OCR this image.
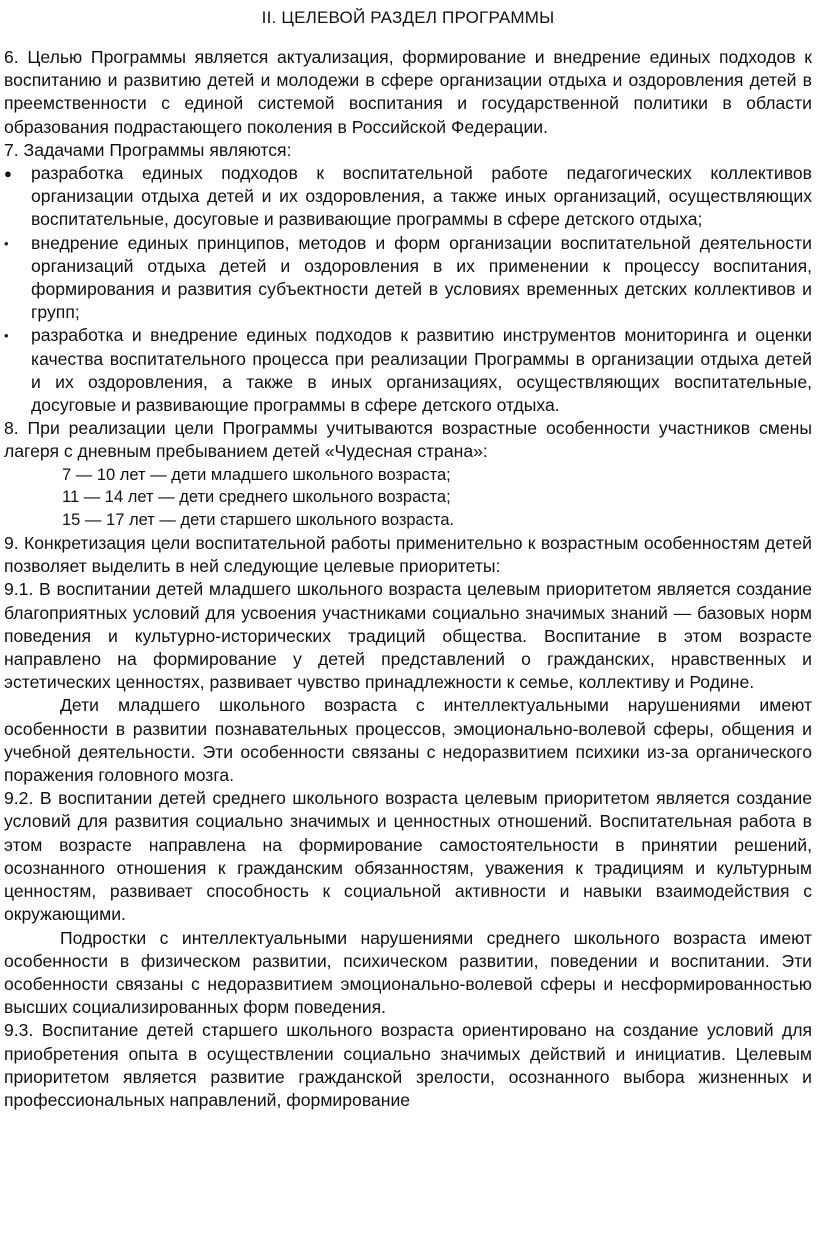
II. ЦЕЛЕВОЙ РАЗДЕЛ ПРОГРАММЫ

6. Целью Программы является актуализация, формирование и внедрение единых подходов к воспитанию и развитию детей и молодежи в сфере организации отдыха и оздоровления детей в преемственности с единой системой воспитания и государственной политики в области образования подрастающего поколения в Российской Федерации.

7. Задачами Программы являются:

● разработка единых подходов к воспитательной работе педагогических коллективов организации отдыха детей и их оздоровления, а также иных организаций, осуществляющих воспитательные, досуговые и развивающие программы в сфере детского отдыха;
• внедрение единых принципов, методов и форм организации воспитательной деятельности организаций отдыха детей и оздоровления в их применении к процессу воспитания, формирования и развития субъектности детей в условиях временных детских коллективов и групп;
• разработка и внедрение единых подходов к развитию инструментов мониторинга и оценки качества воспитательного процесса при реализации Программы в организации отдыха детей и их оздоровления, а также в иных организациях, осуществляющих воспитательные, досуговые и развивающие программы в сфере детского отдыха.

8. При реализации цели Программы учитываются возрастные особенности участников смены лагеря с дневным пребыванием детей «Чудесная страна»:

7 — 10 лет — дети младшего школьного возраста;

11 — 14 лет — дети среднего школьного возраста;

15 — 17 лет — дети старшего школьного возраста.

9. Конкретизация цели воспитательной работы применительно к возрастным особенностям детей позволяет выделить в ней следующие целевые приоритеты:

9.1. В воспитании детей младшего школьного возраста целевым приоритетом является создание благоприятных условий для усвоения участниками социально значимых знаний — базовых норм поведения и культурно-исторических традиций общества. Воспитание в этом возрасте направлено на формирование у детей представлений о гражданских, нравственных и эстетических ценностях, развивает чувство принадлежности к семье, коллективу и Родине.

Дети младшего школьного возраста с интеллектуальными нарушениями имеют особенности в развитии познавательных процессов, эмоционально-волевой сферы, общения и учебной деятельности. Эти особенности связаны с недоразвитием психики из-за органического поражения головного мозга.

9.2. В воспитании детей среднего школьного возраста целевым приоритетом является создание условий для развития социально значимых и ценностных отношений. Воспитательная работа в этом возрасте направлена на формирование самостоятельности в принятии решений, осознанного отношения к гражданским обязанностям, уважения к традициям и культурным ценностям, развивает способность к социальной активности и навыки взаимодействия с окружающими.

Подростки с интеллектуальными нарушениями среднего школьного возраста имеют особенности в физическом развитии, психическом развитии, поведении и воспитании. Эти особенности связаны с недоразвитием эмоционально-волевой сферы и несформированностью высших социализированных форм поведения.

9.3. Воспитание детей старшего школьного возраста ориентировано на создание условий для приобретения опыта в осуществлении социально значимых действий и инициатив. Целевым приоритетом является развитие гражданской зрелости, осознанного выбора жизненных и профессиональных направлений, формирование
